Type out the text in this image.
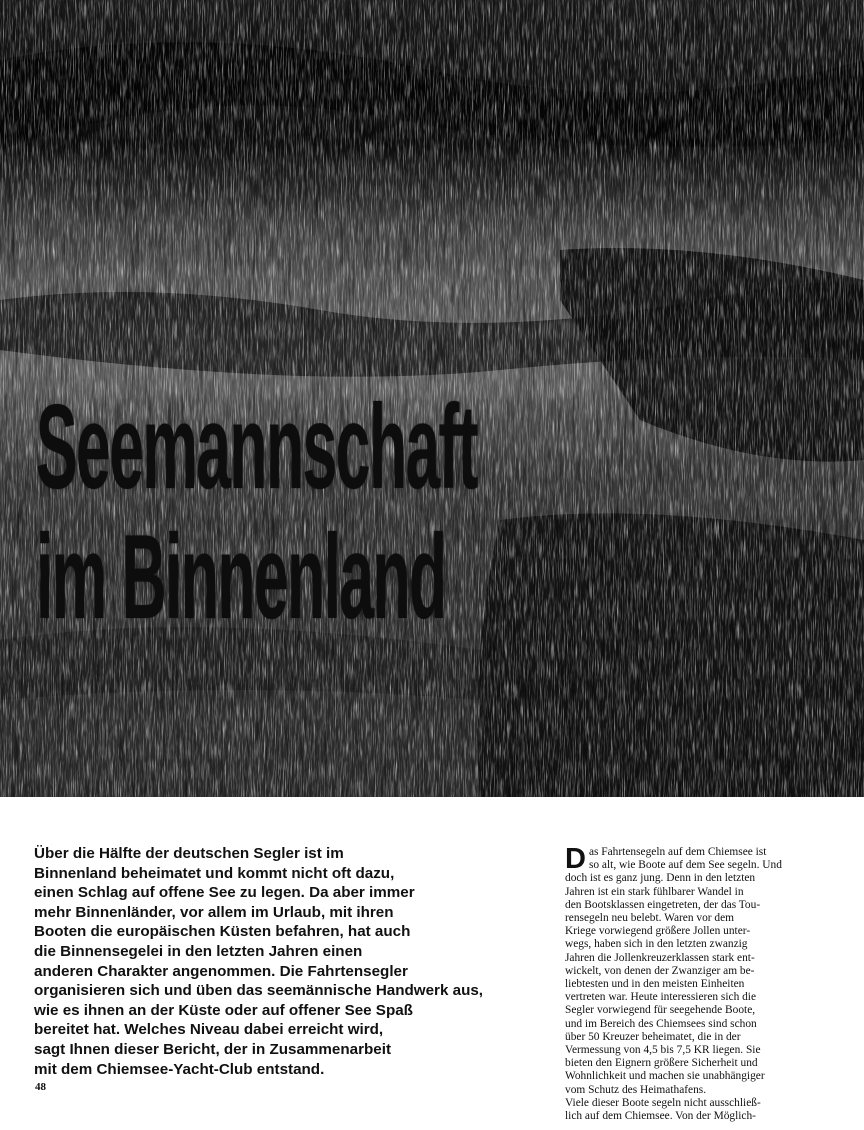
Seemannschaft
im Binnenland

Über die Hälfte der deutschen Segler ist im

Binnenland beheimatet und kommt nicht oft dazu,

einen Schlag auf offene See zu legen. Da aber immer

mehr Binnenländer, vor allem im Urlaub, mit ihren

Booten die europäischen Küsten befahren, hat auch

die Binnensegelei in den letzten Jahren einen

anderen Charakter angenommen. Die Fahrtensegler

organisieren sich und üben das seemännische Handwerk aus,

wie es ihnen an der Küste oder auf offener See Spaß

bereitet hat. Welches Niveau dabei erreicht wird,

sagt Ihnen dieser Bericht, der in Zusammenarbeit

mit dem Chiemsee-Yacht-Club entstand.

D as Fahrtensegeln auf dem Chiemsee ist

so alt, wie Boote auf dem See segeln. Und

doch ist es ganz jung. Denn in den letzten

Jahren ist ein stark fühlbarer Wandel in

den Bootsklassen eingetreten, der das Tou-

rensegeln neu belebt. Waren vor dem

Kriege vorwiegend größere Jollen unter-

wegs, haben sich in den letzten zwanzig

Jahren die Jollenkreuzerklassen stark ent-

wickelt, von denen der Zwanziger am be-

liebtesten und in den meisten Einheiten

vertreten war. Heute interessieren sich die

Segler vorwiegend für seegehende Boote,

und im Bereich des Chiemsees sind schon

über 50 Kreuzer beheimatet, die in der

Vermessung von 4,5 bis 7,5 KR liegen. Sie

bieten den Eignern größere Sicherheit und

Wohnlichkeit und machen sie unabhängiger

vom Schutz des Heimathafens.

Viele dieser Boote segeln nicht ausschließ-

lich auf dem Chiemsee. Von der Möglich-

48
